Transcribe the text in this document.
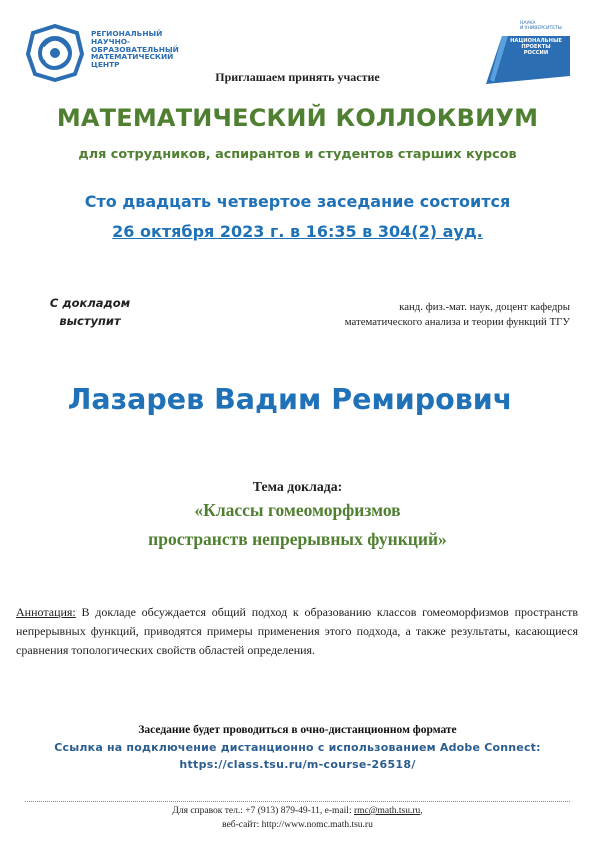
РЕГИОНАЛЬНЫЙ
НАУЧНО-
ОБРАЗОВАТЕЛЬНЫЙ
МАТЕМАТИЧЕСКИЙ
ЦЕНТР
НАУКА
И УНИВЕРСИТЕТЫ
НАЦИОНАЛЬНЫЕ
ПРОЕКТЫ
РОССИИ
Приглашаем принять участие
МАТЕМАТИЧЕСКИЙ КОЛЛОКВИУМ
для сотрудников, аспирантов и студентов старших курсов
Сто двадцать четвертое заседание состоится
26 октября 2023 г. в 16:35 в 304(2) ауд.
С докладом
выступит
канд. физ.-мат. наук, доцент кафедры
математического анализа и теории функций ТГУ
Лазарев Вадим Ремирович
Тема доклада:
«Классы гомеоморфизмов
пространств непрерывных функций»
Аннотация: В докладе обсуждается общий подход к образованию классов гомеоморфизмов пространств непрерывных функций, приводятся примеры применения этого подхода, а также результаты, касающиеся сравнения топологических свойств областей определения.
Заседание будет проводиться в очно-дистанционном формате
Ссылка на подключение дистанционно с использованием Adobe Connect:
https://class.tsu.ru/m-course-26518/
Для справок тел.: +7 (913) 879-49-11, e-mail: rmc@math.tsu.ru,
веб-сайт: http://www.nomc.math.tsu.ru
